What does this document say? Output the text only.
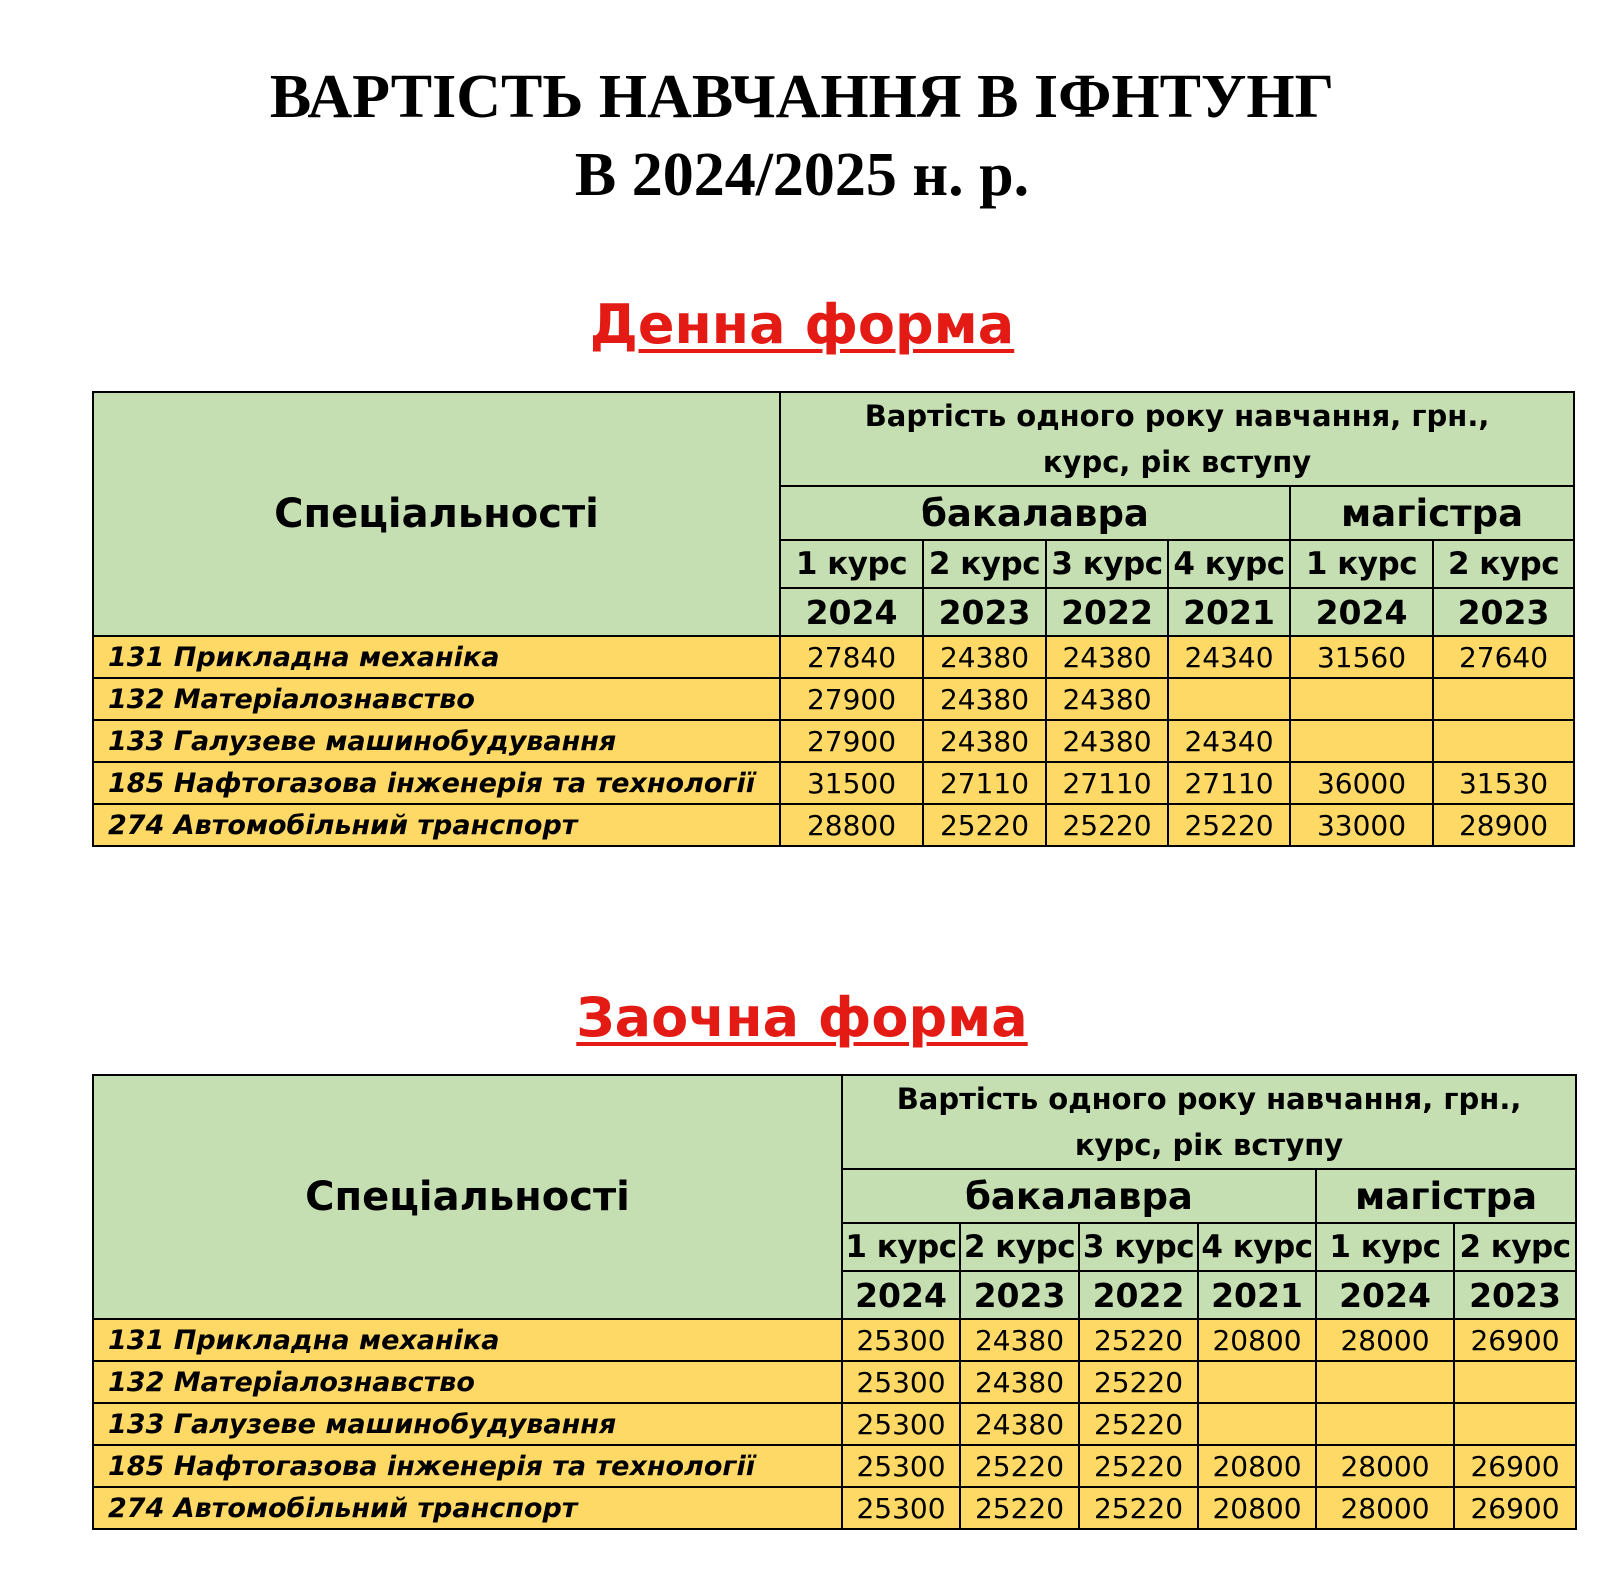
ВАРТІСТЬ НАВЧАННЯ В ІФНТУНГ
В 2024/2025 н. р.
Денна форма
Спеціальності	Вартість одного року навчання, грн.,
курс, рік вступу					

	бакалавра				магістра	
	1 курс	2 курс	3 курс	4 курс	1 курс	2 курс
	2024	2023	2022	2021	2024	2023
131 Прикладна механіка	27840	24380	24380	24340	31560	27640
132 Матеріалознавство	27900	24380	24380			
133 Галузеве машинобудування	27900	24380	24380	24340		
185 Нафтогазова інженерія та технології	31500	27110	27110	27110	36000	31530
274 Автомобільний транспорт	28800	25220	25220	25220	33000	28900
Заочна форма
Спеціальності	Вартість одного року навчання, грн.,
курс, рік вступу					

	бакалавра				магістра	
	1 курс	2 курс	3 курс	4 курс	1 курс	2 курс
	2024	2023	2022	2021	2024	2023
131 Прикладна механіка	25300	24380	25220	20800	28000	26900
132 Матеріалознавство	25300	24380	25220			
133 Галузеве машинобудування	25300	24380	25220			
185 Нафтогазова інженерія та технології	25300	25220	25220	20800	28000	26900
274 Автомобільний транспорт	25300	25220	25220	20800	28000	26900
